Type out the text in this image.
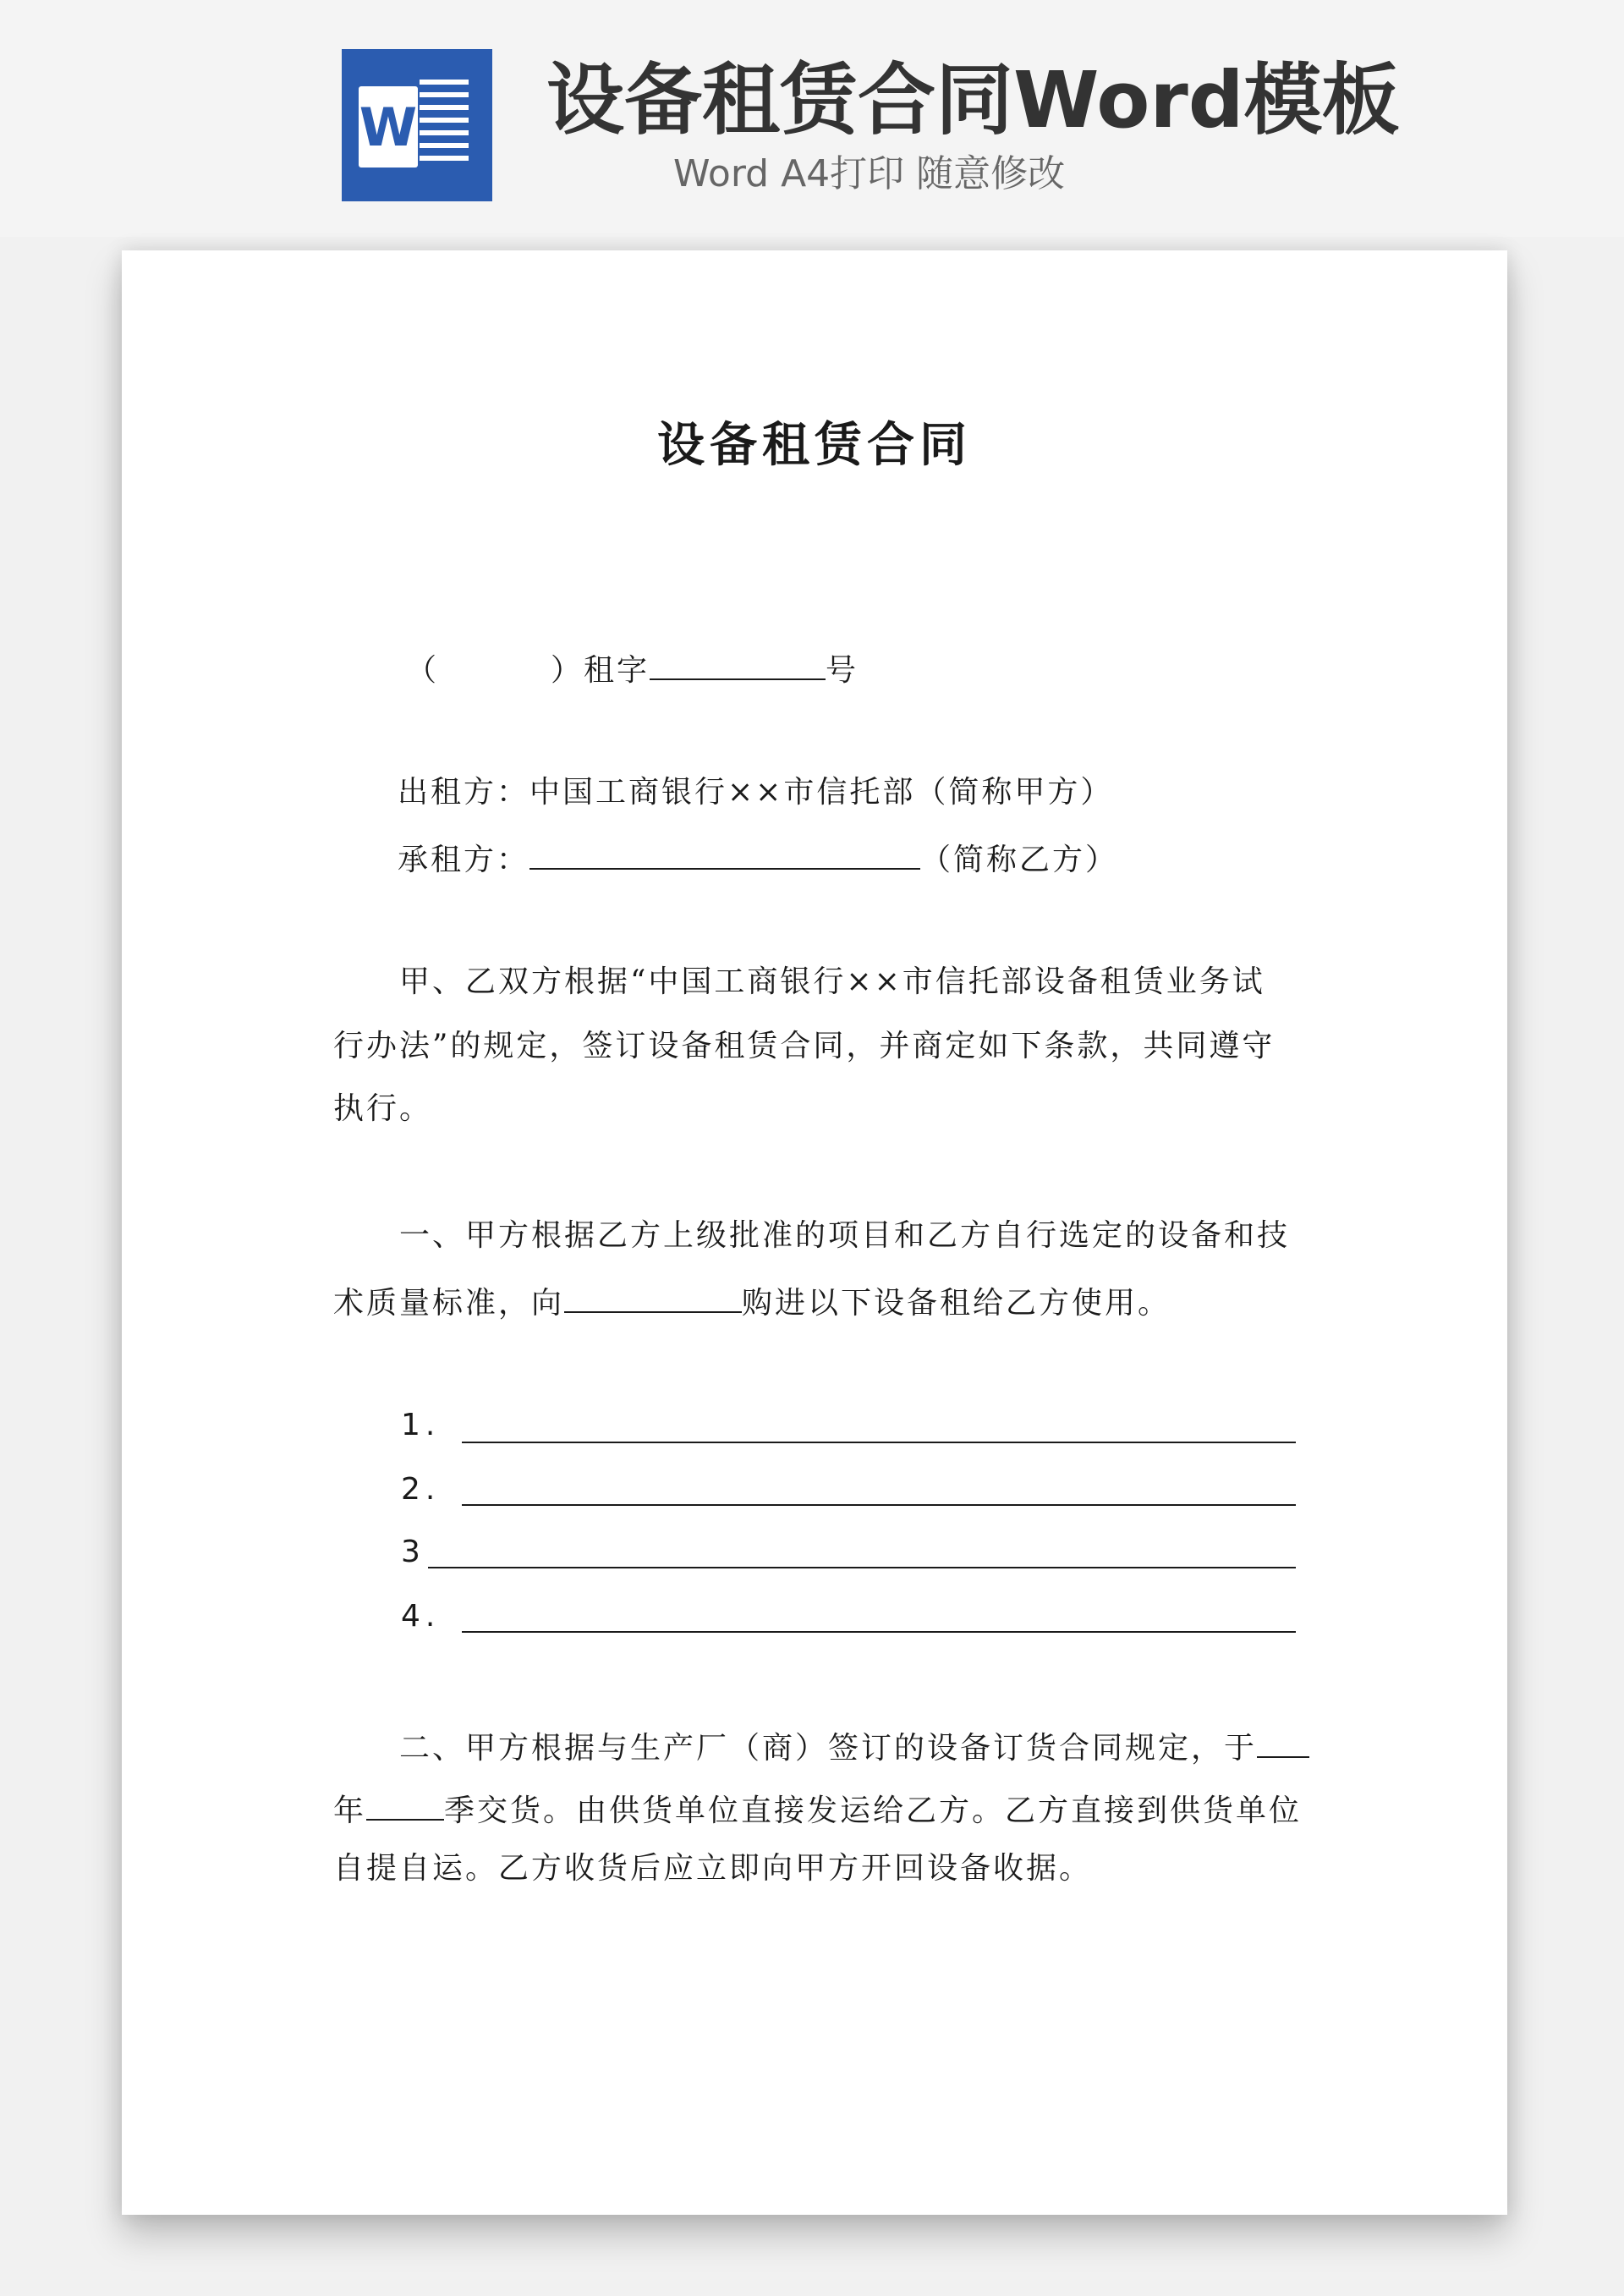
W 设备租赁合同Word模板
Word A4打印 随意修改
设备租赁合同
（	）租字	号
出租方：中国工商银行××市信托部（简称甲方）
承租方：	（简称乙方）
甲、乙双方根据“中国工商银行××市信托部设备租赁业务试
行办法”的规定，签订设备租赁合同，并商定如下条款，共同遵守
执行。
一、甲方根据乙方上级批准的项目和乙方自行选定的设备和技
术质量标准，向	购进以下设备租给乙方使用。
1.
2.
3
4.
二、甲方根据与生产厂（商）签订的设备订货合同规定，于
年	季交货。由供货单位直接发运给乙方。乙方直接到供货单位
自提自运。乙方收货后应立即向甲方开回设备收据。
